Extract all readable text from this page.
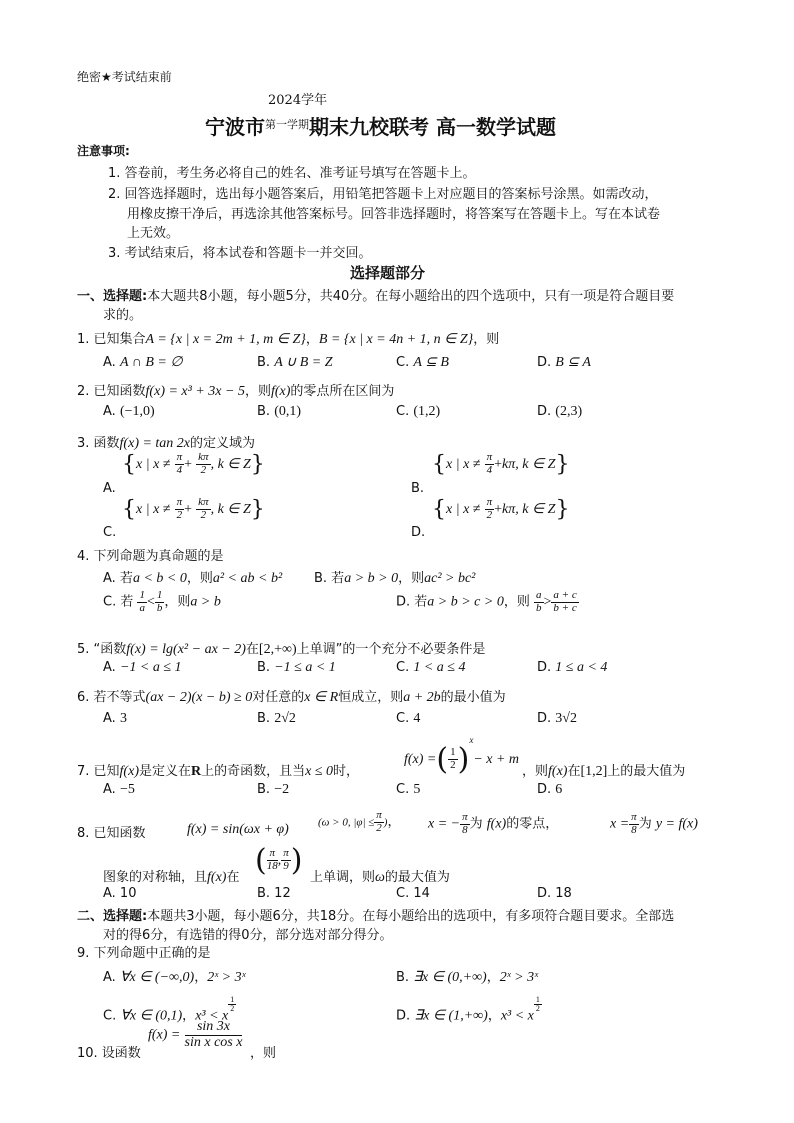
绝密★考试结束前
2024学年
宁波市$^{第一学期}$期末九校联考 高一数学试题
注意事项:
1. 答卷前，考生务必将自己的姓名、准考证号填写在答题卡上。
2. 回答选择题时，选出每小题答案后，用铅笔把答题卡上对应题目的答案标号涂黑。如需改动，
用橡皮擦干净后，再选涂其他答案标号。回答非选择题时，将答案写在答题卡上。写在本试卷
上无效。
3. 考试结束后，将本试卷和答题卡一并交回。
选择题部分
一、选择题:本大题共8小题，每小题5分，共40分。在每小题给出的四个选项中，只有一项是符合题目要
求的。
1. 已知集合A = {x | x = 2m + 1, m ∈ Z}，B = {x | x = 4n + 1, n ∈ Z}，则
A. A ∩ B = ∅	B. A ∪ B = Z	C. A ⊆ B	D. B ⊆ A
2. 已知函数f(x) = x³ + 3x − 5，则f(x)的零点所在区间为
A. (−1,0)	B. (0,1)	C. (1,2)	D. (2,3)
3. 函数f(x) = tan 2x的定义域为
A.
{x | $x \ne \frac{\pi}{4} + \frac{k\pi}{2}$ , k ∈ Z}
B.
{x | $x \ne \frac{\pi}{4} +k\pi$, k ∈ Z}
C.
{x | $x \ne \frac{\pi}{2} + \frac{k\pi}{2}$ , k ∈ Z}
D.
{x | $x \ne \frac{\pi}{2} +k\pi$, k ∈ Z}
4. 下列命题为真命题的是
A. 若a < b < 0，则a² < ab < b² B. 若a > b > 0，则ac² > bc²
C. 若 $\frac{1}{a} < \frac{1}{b}$ ，则a > b	D. 若a > b > c > 0，则 $\frac{a}{b} > \frac{a + c}{b + c}$
5. “函数f(x) = lg(x² − ax − 2)在[2,+∞)上单调”的一个充分不必要条件是
A. −1 < a ≤ 1	B. −1 ≤ a < 1	C. 1 < a ≤ 4	D. 1 ≤ a < 4
6. 若不等式(ax − 2)(x − b) ≥ 0对任意的x ∈ R恒成立，则a + 2b的最小值为
A. 3	B. 2√2	C. 4	D. 3√2
7. 已知f(x)是定义在R上的奇函数，且当x ≤ 0时，
f(x) =( $\frac{1}{2} )^x- x + m$
，则f(x)在[1,2]上的最大值为
A. −5	B. −2	C. 5	D. 6
8. 已知函数	f(x) = sin(ωx + φ)	(ω > 0, $|\varphi| \le \frac{\pi}{2}$ )， x = − $\frac{\pi}{8}$ 为 f(x)的零点，	$x = \frac{\pi}{8}$ 为 y = f(x)
图象的对称轴，且f(x)在 ( $\frac{\pi}{18}$ , $\frac{\pi}{9}$ ) 上单调，则ω的最大值为
A. 10	B. 12	C. 14	D. 18
二、选择题:本题共3小题，每小题6分，共18分。在每小题给出的选项中，有多项符合题目要求。全部选
对的得6分，有选错的得0分，部分选对部分得分。
9. 下列命题中正确的是
A. ∀x ∈ (−∞,0)，2ˣ > 3ˣ	B. ∃x ∈ (0,+∞)，2ˣ > 3ˣ
C. ∀x ∈ (0,1)，x³ < x
$\frac{1}{2}$
D. ∃x ∈ (1,+∞)，x³ < x
$\frac{1}{2}$
10. 设函数
$f(x) = \frac{\sin 3x}{\text{sin x cos x}}$
，则
